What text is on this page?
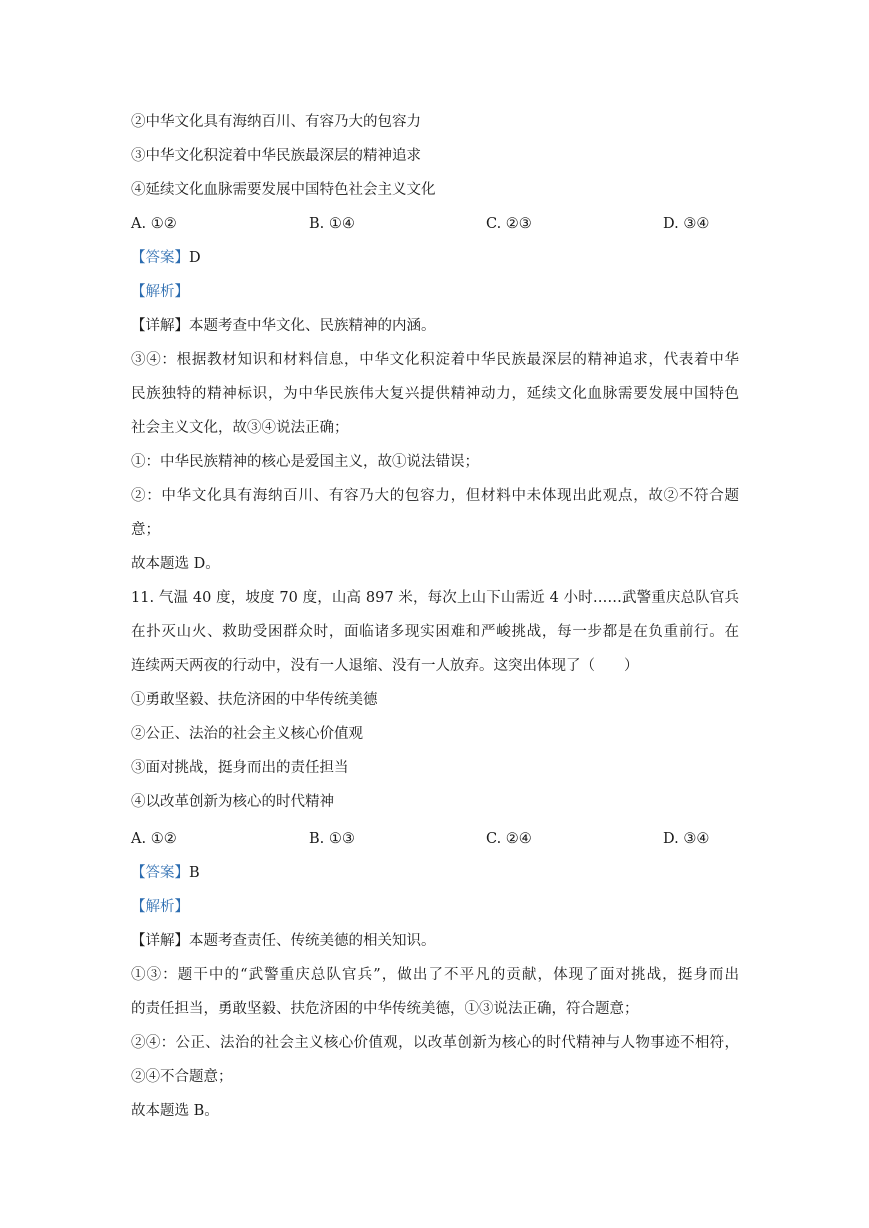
②中华文化具有海纳百川、有容乃大的包容力
③中华文化积淀着中华民族最深层的精神追求
④延续文化血脉需要发展中国特色社会主义文化
A. ①②	B. ①④	C. ②③	D. ③④
【答案】D
【解析】
【详解】本题考查中华文化、民族精神的内涵。
③④：根据教材知识和材料信息，中华文化积淀着中华民族最深层的精神追求，代表着中华
民族独特的精神标识，为中华民族伟大复兴提供精神动力，延续文化血脉需要发展中国特色
社会主义文化，故③④说法正确；
①：中华民族精神的核心是爱国主义，故①说法错误；
②：中华文化具有海纳百川、有容乃大的包容力，但材料中未体现出此观点，故②不符合题
意；
故本题选 D。
11. 气温 40 度，坡度 70 度，山高 897 米，每次上山下山需近 4 小时……武警重庆总队官兵
在扑灭山火、救助受困群众时，面临诸多现实困难和严峻挑战，每一步都是在负重前行。在
连续两天两夜的行动中，没有一人退缩、没有一人放弃。这突出体现了（　　）
①勇敢坚毅、扶危济困的中华传统美德
②公正、法治的社会主义核心价值观
③面对挑战，挺身而出的责任担当
④以改革创新为核心的时代精神
A. ①②	B. ①③	C. ②④	D. ③④
【答案】B
【解析】
【详解】本题考查责任、传统美德的相关知识。
①③：题干中的“武警重庆总队官兵”，做出了不平凡的贡献，体现了面对挑战，挺身而出
的责任担当，勇敢坚毅、扶危济困的中华传统美德，①③说法正确，符合题意；
②④：公正、法治的社会主义核心价值观，以改革创新为核心的时代精神与人物事迹不相符，
②④不合题意；
故本题选 B。
